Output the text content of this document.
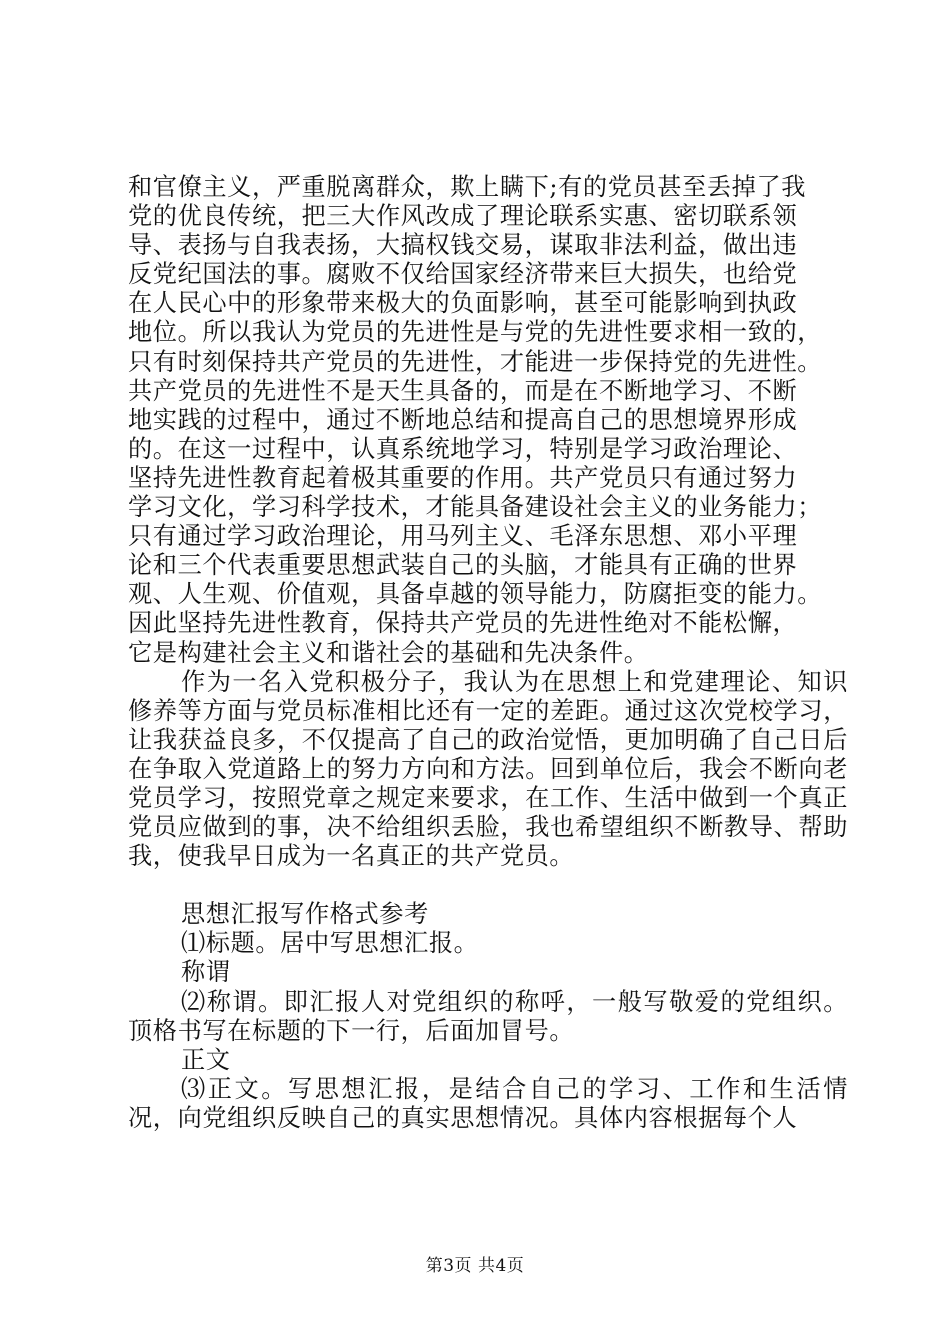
和官僚主义，严重脱离群众，欺上瞒下;有的党员甚至丢掉了我
党的优良传统，把三大作风改成了理论联系实惠、密切联系领
导、表扬与自我表扬，大搞权钱交易，谋取非法利益，做出违
反党纪国法的事。腐败不仅给国家经济带来巨大损失，也给党
在人民心中的形象带来极大的负面影响，甚至可能影响到执政
地位。所以我认为党员的先进性是与党的先进性要求相一致的，
只有时刻保持共产党员的先进性，才能进一步保持党的先进性。
共产党员的先进性不是天生具备的，而是在不断地学习、不断
地实践的过程中，通过不断地总结和提高自己的思想境界形成
的。在这一过程中，认真系统地学习，特别是学习政治理论、
坚持先进性教育起着极其重要的作用。共产党员只有通过努力
学习文化，学习科学技术，才能具备建设社会主义的业务能力；
只有通过学习政治理论，用马列主义、毛泽东思想、邓小平理
论和三个代表重要思想武装自己的头脑，才能具有正确的世界
观、人生观、价值观，具备卓越的领导能力，防腐拒变的能力。
因此坚持先进性教育，保持共产党员的先进性绝对不能松懈，
它是构建社会主义和谐社会的基础和先决条件。

作为一名入党积极分子，我认为在思想上和党建理论、知识修养等方面与党员标准相比还有一定的差距。通过这次党校学习，让我获益良多，不仅提高了自己的政治觉悟，更加明确了自己日后在争取入党道路上的努力方向和方法。回到单位后，我会不断向老党员学习，按照党章之规定来要求，在工作、生活中做到一个真正党员应做到的事，决不给组织丢脸，我也希望组织不断教导、帮助我，使我早日成为一名真正的共产党员。

思想汇报写作格式参考

⑴标题。居中写思想汇报。

称谓

⑵称谓。即汇报人对党组织的称呼，一般写敬爱的党组织。顶格书写在标题的下一行，后面加冒号。

正文

⑶正文。写思想汇报，是结合自己的学习、工作和生活情况，向党组织反映自己的真实思想情况。具体内容根据每个人

第3页 共4页
